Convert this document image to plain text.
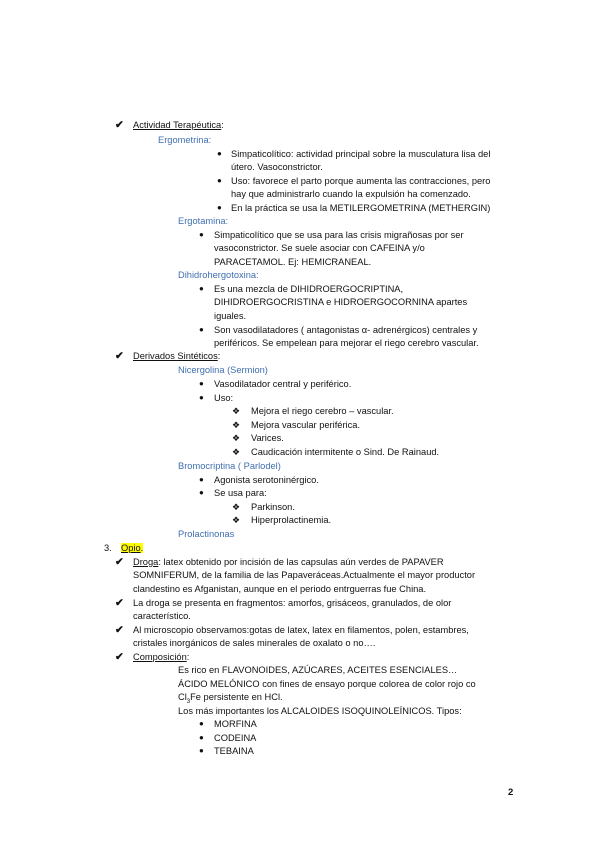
✔ Actividad Terapéutica:
Ergometrina:
● Simpaticolítico: actividad principal sobre la musculatura lisa del
útero. Vasoconstrictor.
● Uso: favorece el parto porque aumenta las contracciones, pero
hay que administrarlo cuando la expulsión ha comenzado.
● En la práctica se usa la METILERGOMETRINA (METHERGIN)
Ergotamina:
● Simpaticolítico que se usa para las crisis migrañosas por ser
vasoconstrictor. Se suele asociar con CAFEINA y/o
PARACETAMOL. Ej: HEMICRANEAL.
Dihidrohergotoxina:
● Es una mezcla de DIHIDROERGOCRIPTINA,
DIHIDROERGOCRISTINA e HIDROERGOCORNINA apartes
iguales.
● Son vasodilatadores ( antagonistas α- adrenérgicos) centrales y
periféricos. Se empelean para mejorar el riego cerebro vascular.
✔ Derivados Sintéticos:
Nicergolina (Sermion)
● Vasodilatador central y periférico.
● Uso:
❖ Mejora el riego cerebro – vascular.
❖ Mejora vascular periférica.
❖ Varices.
❖ Caudicación intermitente o Sind. De Rainaud.
Bromocriptina ( Parlodel)
● Agonista serotoninérgico.
● Se usa para:
❖ Parkinson.
❖ Hiperprolactinemia.
Prolactinonas
3. Opio.
✔ Droga: latex obtenido por incisión de las capsulas aún verdes de PAPAVER
SOMNIFERUM, de la familia de las Papaveráceas.Actualmente el mayor productor
clandestino es Afganistan, aunque en el periodo entrguerras fue China.
✔ La droga se presenta en fragmentos: amorfos, grisáceos, granulados, de olor
característico.
✔ Al microscopio observamos:gotas de latex, latex en filamentos, polen, estambres,
cristales inorgánicos de sales minerales de oxalato o no….
✔ Composición:
Es rico en FLAVONOIDES, AZÚCARES, ACEITES ESENCIALES…
ÁCIDO MELÓNICO con fines de ensayo porque colorea de color rojo co
$Cl_3Fe$ persistente en HCl.
Los más importantes los ALCALOIDES ISOQUINOLEÍNICOS. Tipos:
● MORFINA
● CODEINA
● TEBAINA
2
